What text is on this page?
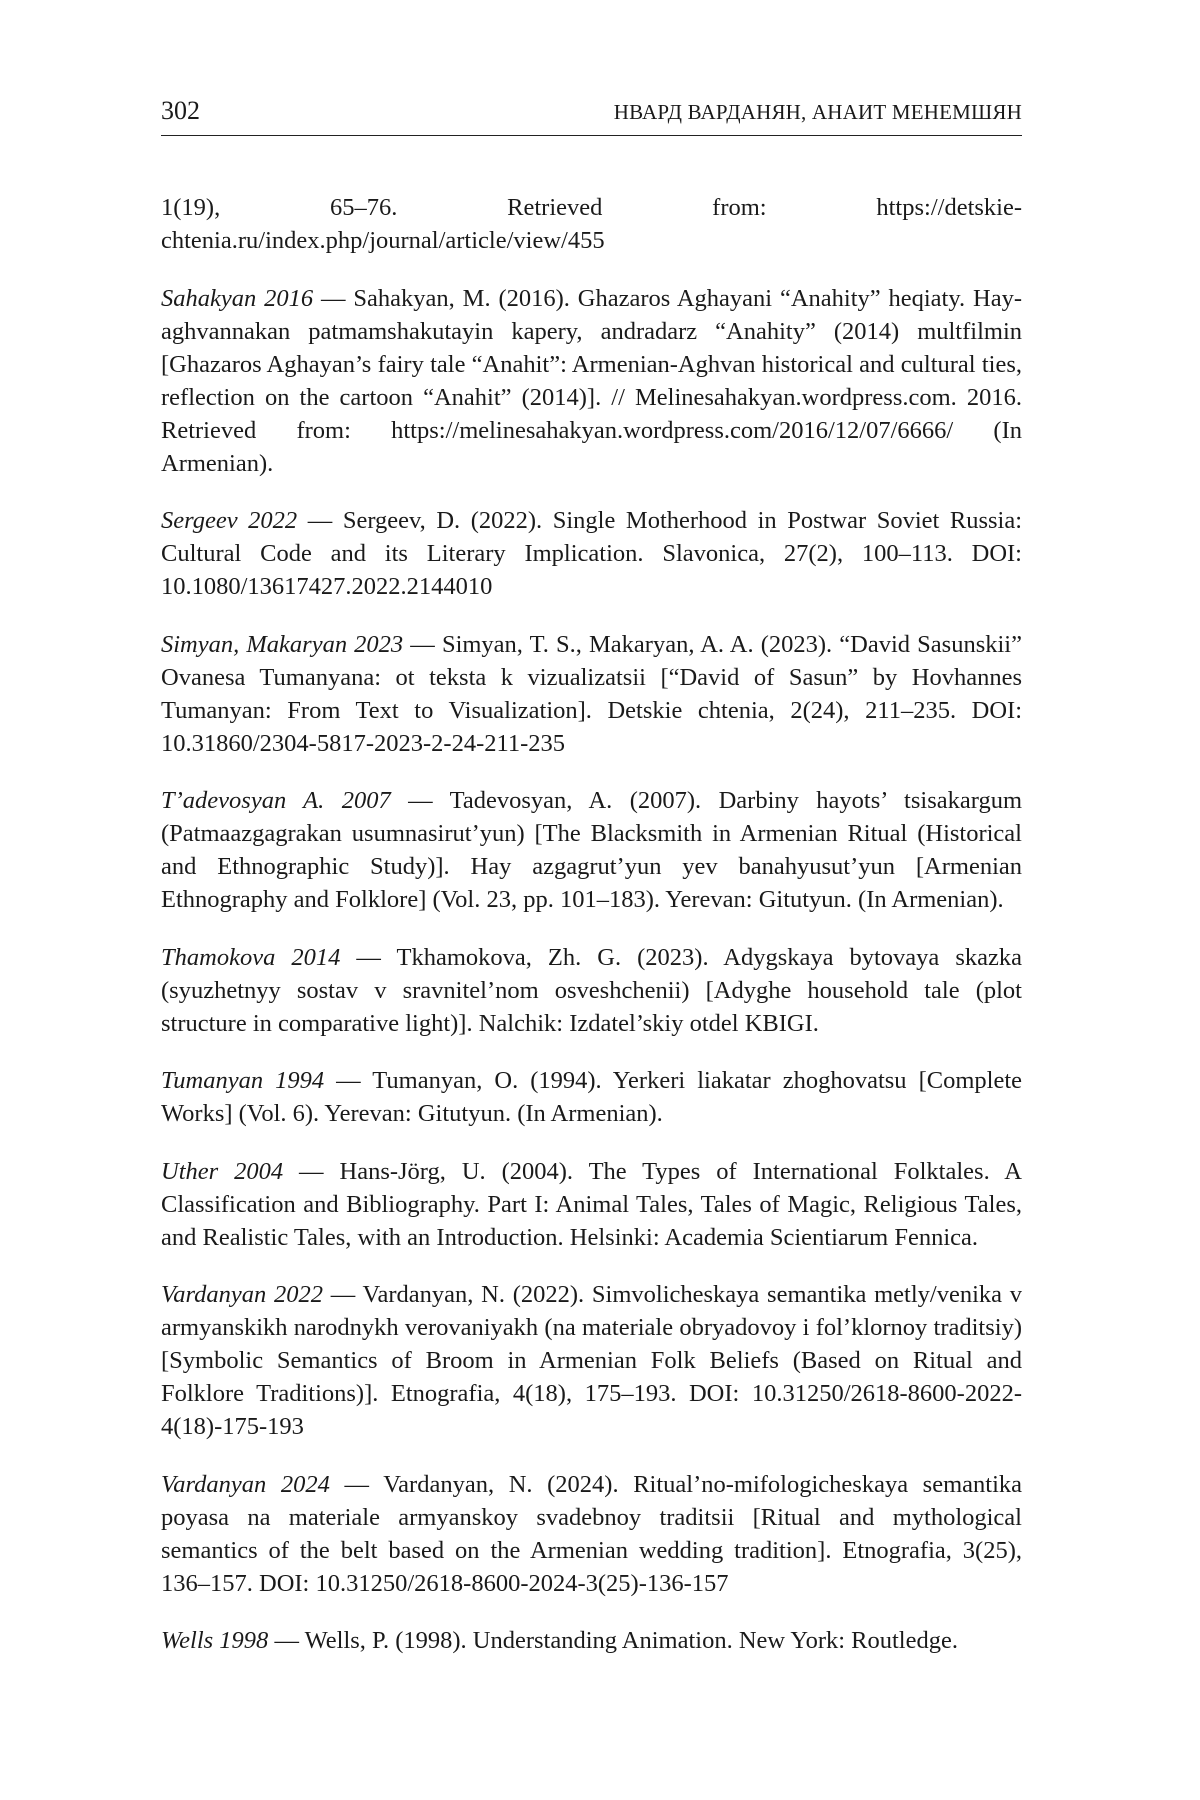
302	НВАРД ВАРДАНЯН, АНАИТ МЕНЕМШЯН

1(19), 65–76. Retrieved from: https://detskie-chtenia.ru/index.php/journal/article/view/455

Sahakyan 2016 — Sahakyan, M. (2016). Ghazaros Aghayani “Anahity” heqiaty. Hay-aghvannakan patmamshakutayin kapery, andradarz “Anahity” (2014) multfilmin [Ghazaros Aghayan’s fairy tale “Anahit”: Armenian-Aghvan historical and cultural ties, reflection on the cartoon “Anahit” (2014)]. // Melinesahakyan.wordpress.com. 2016. Retrieved from: https://melinesahakyan.wordpress.com/2016/12/07/6666/ (In Armenian).

Sergeev 2022 — Sergeev, D. (2022). Single Motherhood in Postwar Soviet Russia: Cultural Code and its Literary Implication. Slavonica, 27(2), 100–113. DOI: 10.1080/13617427.2022.2144010

Simyan, Makaryan 2023 — Simyan, T. S., Makaryan, A. A. (2023). “David Sasunskii” Ovanesa Tumanyana: ot teksta k vizualizatsii [“David of Sasun” by Hovhannes Tumanyan: From Text to Visualization]. Detskie chtenia, 2(24), 211–235. DOI: 10.31860/2304-5817-2023-2-24-211-235

T’adevosyan A. 2007 — Tadevosyan, A. (2007). Darbiny hayots’ tsisakargum (Patmaazgagrakan usumnasirut’yun) [The Blacksmith in Armenian Ritual (Historical and Ethnographic Study)]. Hay azgagrut’yun yev banahyusut’yun [Armenian Ethnography and Folklore] (Vol. 23, pp. 101–183). Yerevan: Gitutyun. (In Armenian).

Thamokova 2014 — Tkhamokova, Zh. G. (2023). Adygskaya bytovaya skazka (syuzhetnyy sostav v sravnitel’nom osveshchenii) [Adyghe household tale (plot structure in comparative light)]. Nalchik: Izdatel’skiy otdel KBIGI.

Tumanyan 1994 — Tumanyan, O. (1994). Yerkeri liakatar zhoghovatsu [Complete Works] (Vol. 6). Yerevan: Gitutyun. (In Armenian).

Uther 2004 — Hans-Jörg, U. (2004). The Types of International Folktales. A Classification and Bibliography. Part I: Animal Tales, Tales of Magic, Religious Tales, and Realistic Tales, with an Introduction. Helsinki: Academia Scientiarum Fennica.

Vardanyan 2022 — Vardanyan, N. (2022). Simvolicheskaya semantika metly/venika v armyanskikh narodnykh verovaniyakh (na materiale obryadovoy i fol’klornoy traditsiy) [Symbolic Semantics of Broom in Armenian Folk Beliefs (Based on Ritual and Folklore Traditions)]. Etnografia, 4(18), 175–193. DOI: 10.31250/2618-8600-2022-4(18)-175-193

Vardanyan 2024 — Vardanyan, N. (2024). Ritual’no-mifologicheskaya semantika poyasa na materiale armyanskoy svadebnoy traditsii [Ritual and mythological semantics of the belt based on the Armenian wedding tradition]. Etnografia, 3(25), 136–157. DOI: 10.31250/2618-8600-2024-3(25)-136-157

Wells 1998 — Wells, P. (1998). Understanding Animation. New York: Routledge.
